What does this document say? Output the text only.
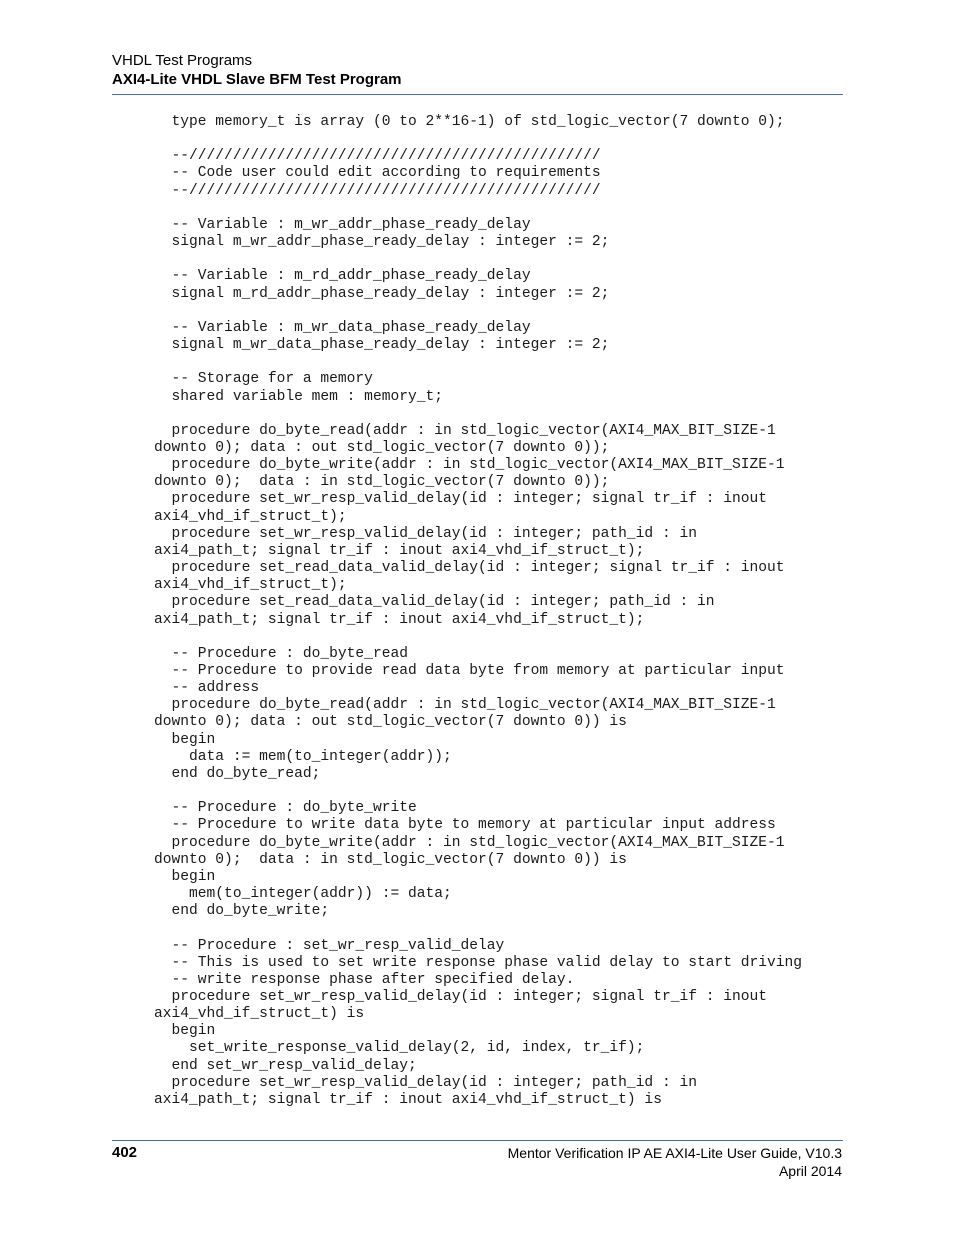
VHDL Test Programs
AXI4-Lite VHDL Slave BFM Test Program
type memory_t is array (0 to 2**16-1) of std_logic_vector(7 downto 0);

--///////////////////////////////////////////////
-- Code user could edit according to requirements
--///////////////////////////////////////////////

-- Variable : m_wr_addr_phase_ready_delay
signal m_wr_addr_phase_ready_delay : integer := 2;

-- Variable : m_rd_addr_phase_ready_delay
signal m_rd_addr_phase_ready_delay : integer := 2;

-- Variable : m_wr_data_phase_ready_delay
signal m_wr_data_phase_ready_delay : integer := 2;

-- Storage for a memory
shared variable mem : memory_t;

procedure do_byte_read(addr : in std_logic_vector(AXI4_MAX_BIT_SIZE-1
downto 0); data : out std_logic_vector(7 downto 0));
procedure do_byte_write(addr : in std_logic_vector(AXI4_MAX_BIT_SIZE-1
downto 0);  data : in std_logic_vector(7 downto 0));
procedure set_wr_resp_valid_delay(id : integer; signal tr_if : inout
axi4_vhd_if_struct_t);
procedure set_wr_resp_valid_delay(id : integer; path_id : in
axi4_path_t; signal tr_if : inout axi4_vhd_if_struct_t);
procedure set_read_data_valid_delay(id : integer; signal tr_if : inout
axi4_vhd_if_struct_t);
procedure set_read_data_valid_delay(id : integer; path_id : in
axi4_path_t; signal tr_if : inout axi4_vhd_if_struct_t);

-- Procedure : do_byte_read
-- Procedure to provide read data byte from memory at particular input
-- address
procedure do_byte_read(addr : in std_logic_vector(AXI4_MAX_BIT_SIZE-1
downto 0); data : out std_logic_vector(7 downto 0)) is
begin
data := mem(to_integer(addr));
end do_byte_read;

-- Procedure : do_byte_write
-- Procedure to write data byte to memory at particular input address
procedure do_byte_write(addr : in std_logic_vector(AXI4_MAX_BIT_SIZE-1
downto 0);  data : in std_logic_vector(7 downto 0)) is
begin
mem(to_integer(addr)) := data;
end do_byte_write;

-- Procedure : set_wr_resp_valid_delay
-- This is used to set write response phase valid delay to start driving
-- write response phase after specified delay.
procedure set_wr_resp_valid_delay(id : integer; signal tr_if : inout
axi4_vhd_if_struct_t) is
begin
set_write_response_valid_delay(2, id, index, tr_if);
end set_wr_resp_valid_delay;
procedure set_wr_resp_valid_delay(id : integer; path_id : in
axi4_path_t; signal tr_if : inout axi4_vhd_if_struct_t) is
402	Mentor Verification IP AE AXI4-Lite User Guide, V10.3
April 2014
